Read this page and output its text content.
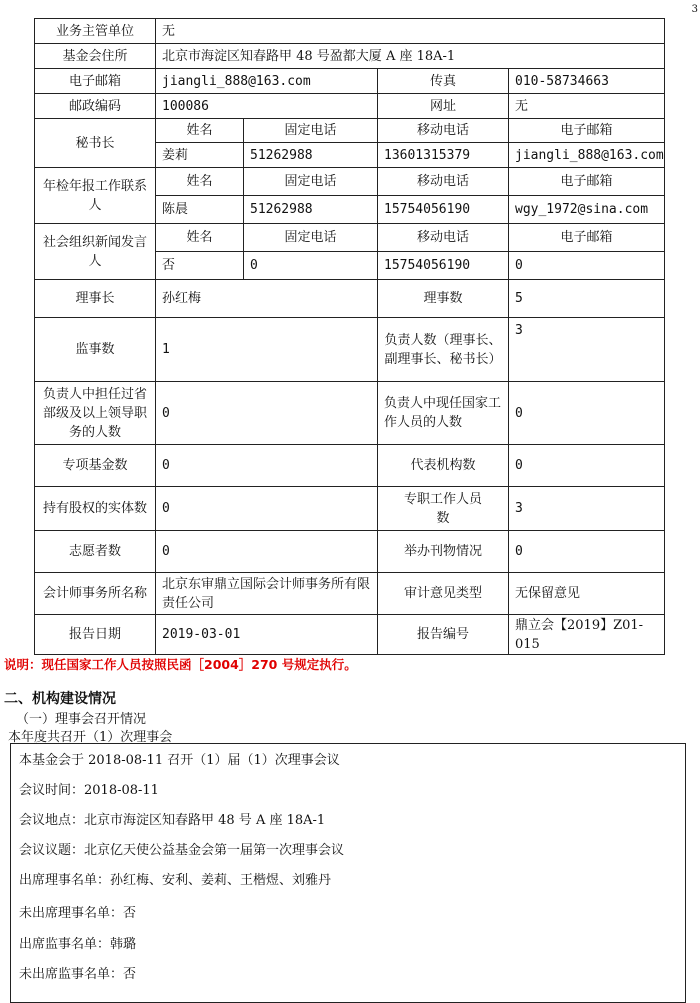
3
业务主管单位	无			
基金会住所	北京市海淀区知春路甲 48 号盈都大厦 A 座 18A-1			
电子邮箱	jiangli_888@163.com		传真	010-58734663
邮政编码	100086		网址	无
秘书长	姓名	固定电话	移动电话	电子邮箱
	姜莉	51262988	13601315379	jiangli_888@163.com
年检年报工作联系人	姓名	固定电话	移动电话	电子邮箱
	陈晨	51262988	15754056190	wgy_1972@sina.com
社会组织新闻发言人	姓名	固定电话	移动电话	电子邮箱
	否	0	15754056190	0
理事长	孙红梅		理事数	5
监事数	1		负责人数（理事长、副理事长、秘书长）	3
负责人中担任过省部级及以上领导职务的人数	0		负责人中现任国家工作人员的人数	0
专项基金数	0		代表机构数	0
持有股权的实体数	0		专职工作人员数	3
志愿者数	0		举办刊物情况	0
会计师事务所名称	北京东审鼎立国际会计师事务所有限责任公司		审计意见类型	无保留意见
报告日期	2019-03-01		报告编号	鼎立会【2019】Z01-015
说明：现任国家工作人员按照民函［2004］270 号规定执行。
二、机构建设情况
（一）理事会召开情况
本年度共召开（1）次理事会
本基金会于 2018-08-11 召开（1）届（1）次理事会议
会议时间：2018-08-11
会议地点：北京市海淀区知春路甲 48 号 A 座 18A-1
会议议题：北京亿天使公益基金会第一届第一次理事会议
出席理事名单：孙红梅、安利、姜莉、王楷煜、刘雅丹
未出席理事名单：否
出席监事名单：韩璐
未出席监事名单：否
